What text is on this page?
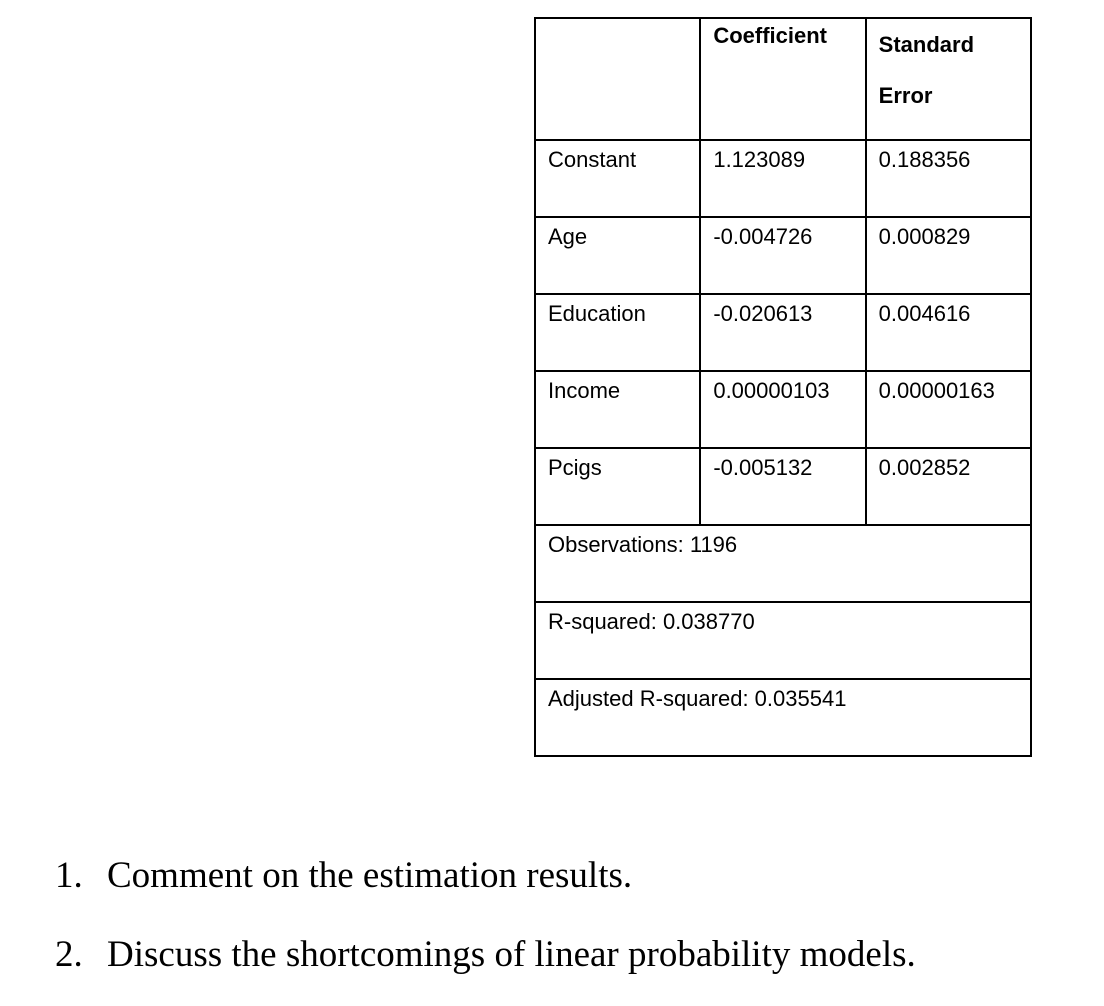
	Coefficient	Standard Error
Constant	1.123089	0.188356
Age	-0.004726	0.000829
Education	-0.020613	0.004616
Income	0.00000103	0.00000163
Pcigs	-0.005132	0.002852
Observations: 1196		
R-squared: 0.038770		
Adjusted R-squared: 0.035541		
1. Comment on the estimation results.
2. Discuss the shortcomings of linear probability models.
